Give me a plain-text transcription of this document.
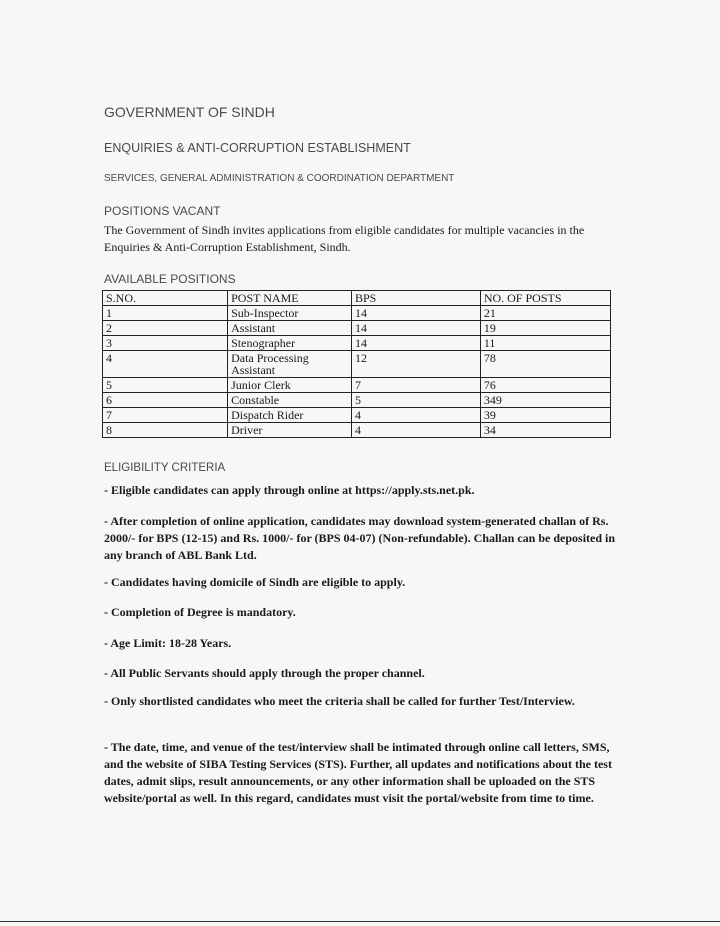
GOVERNMENT OF SINDH
ENQUIRIES & ANTI-CORRUPTION ESTABLISHMENT
SERVICES, GENERAL ADMINISTRATION & COORDINATION DEPARTMENT
POSITIONS VACANT
The Government of Sindh invites applications from eligible candidates for multiple vacancies in the Enquiries & Anti-Corruption Establishment, Sindh.
AVAILABLE POSITIONS
S.NO.	POST NAME	BPS	NO. OF POSTS
1	Sub-Inspector	14	21
2	Assistant	14	19
3	Stenographer	14	11
4	Data Processing Assistant	12	78
5	Junior Clerk	7	76
6	Constable	5	349
7	Dispatch Rider	4	39
8	Driver	4	34
ELIGIBILITY CRITERIA

- Eligible candidates can apply through online at https://apply.sts.net.pk.

- After completion of online application, candidates may download system-generated challan of Rs. 2000/- for BPS (12-15) and Rs. 1000/- for (BPS 04-07) (Non-refundable). Challan can be deposited in any branch of ABL Bank Ltd.

- Candidates having domicile of Sindh are eligible to apply.

- Completion of Degree is mandatory.

- Age Limit: 18-28 Years.

- All Public Servants should apply through the proper channel.

- Only shortlisted candidates who meet the criteria shall be called for further Test/Interview.

- The date, time, and venue of the test/interview shall be intimated through online call letters, SMS, and the website of SIBA Testing Services (STS). Further, all updates and notifications about the test dates, admit slips, result announcements, or any other information shall be uploaded on the STS website/portal as well. In this regard, candidates must visit the portal/website from time to time.
